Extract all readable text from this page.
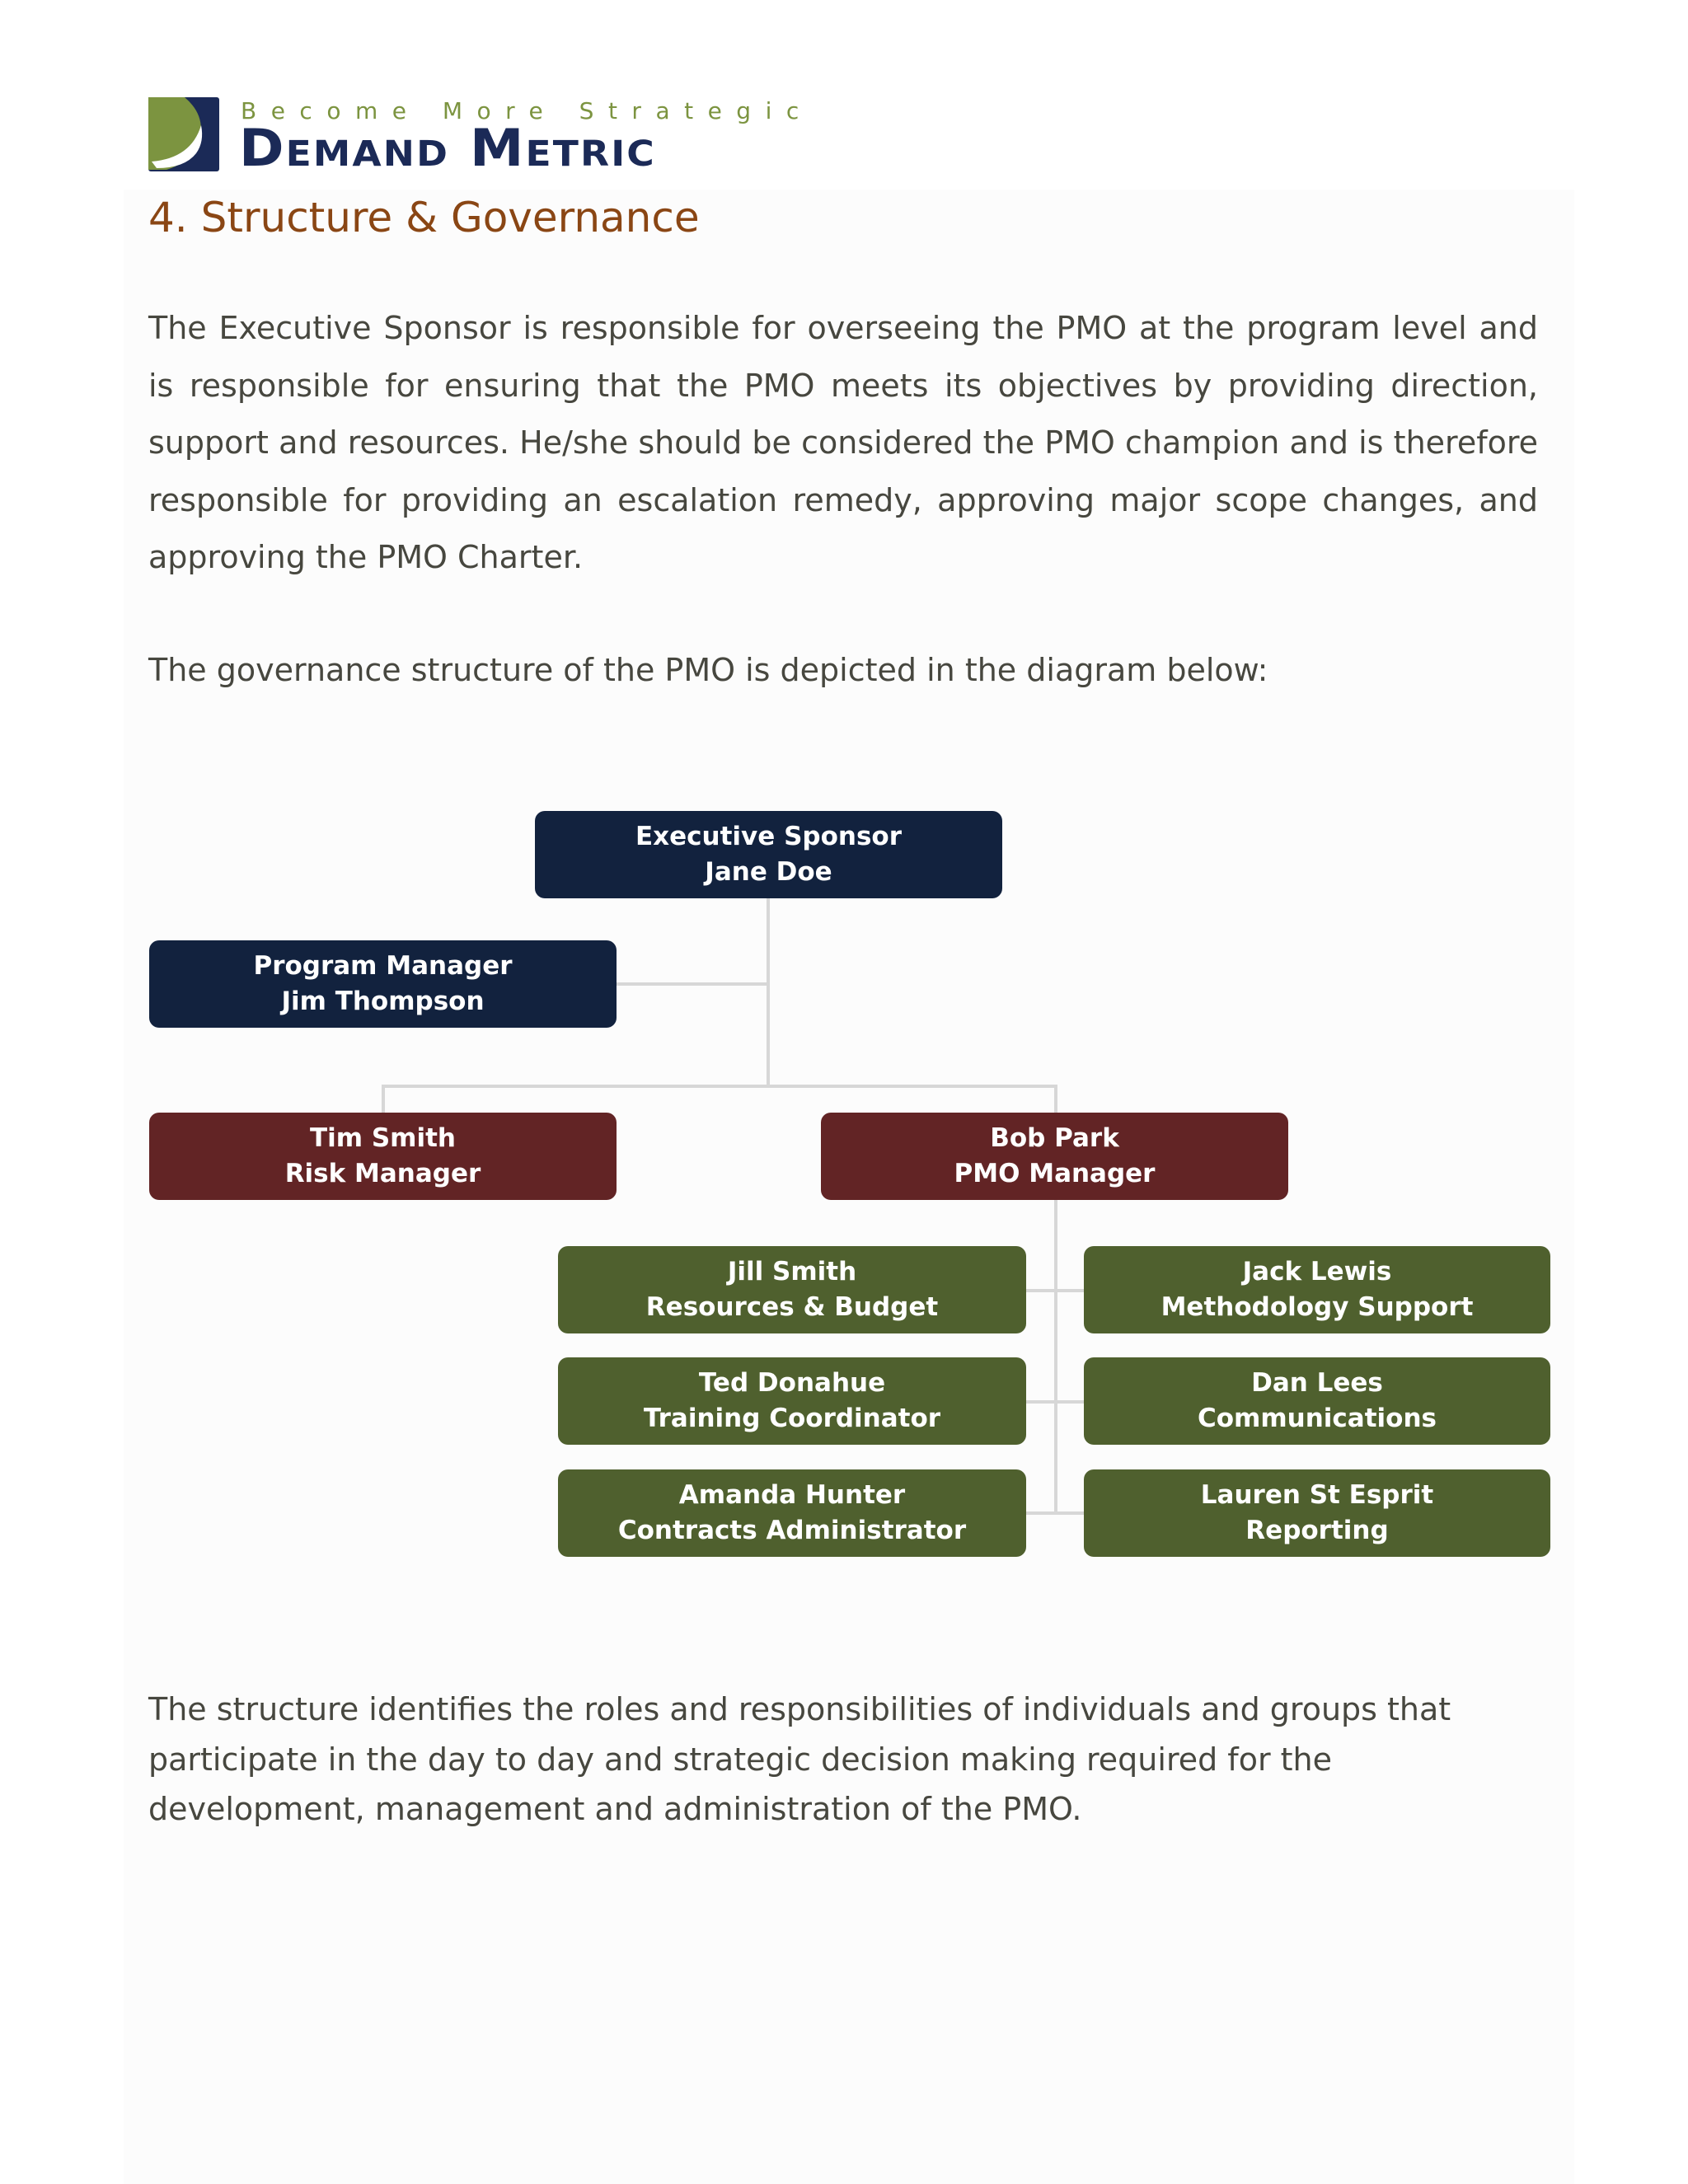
Become More Strategic
Demand Metric
4. Structure & Governance

The Executive Sponsor is responsible for overseeing the PMO at the program level and is responsible for ensuring that the PMO meets its objectives by providing direction, support and resources. He/she should be considered the PMO champion and is therefore responsible for providing an escalation remedy, approving major scope changes, and approving the PMO Charter.

The governance structure of the PMO is depicted in the diagram below:

Executive Sponsor
Jane Doe
Program Manager
Jim Thompson
Tim Smith
Risk Manager
Bob Park
PMO Manager
Jill Smith
Resources & Budget
Ted Donahue
Training Coordinator
Amanda Hunter
Contracts Administrator
Jack Lewis
Methodology Support
Dan Lees
Communications
Lauren St Esprit
Reporting

The structure identifies the roles and responsibilities of individuals and groups that participate in the day to day and strategic decision making required for the development, management and administration of the PMO.
